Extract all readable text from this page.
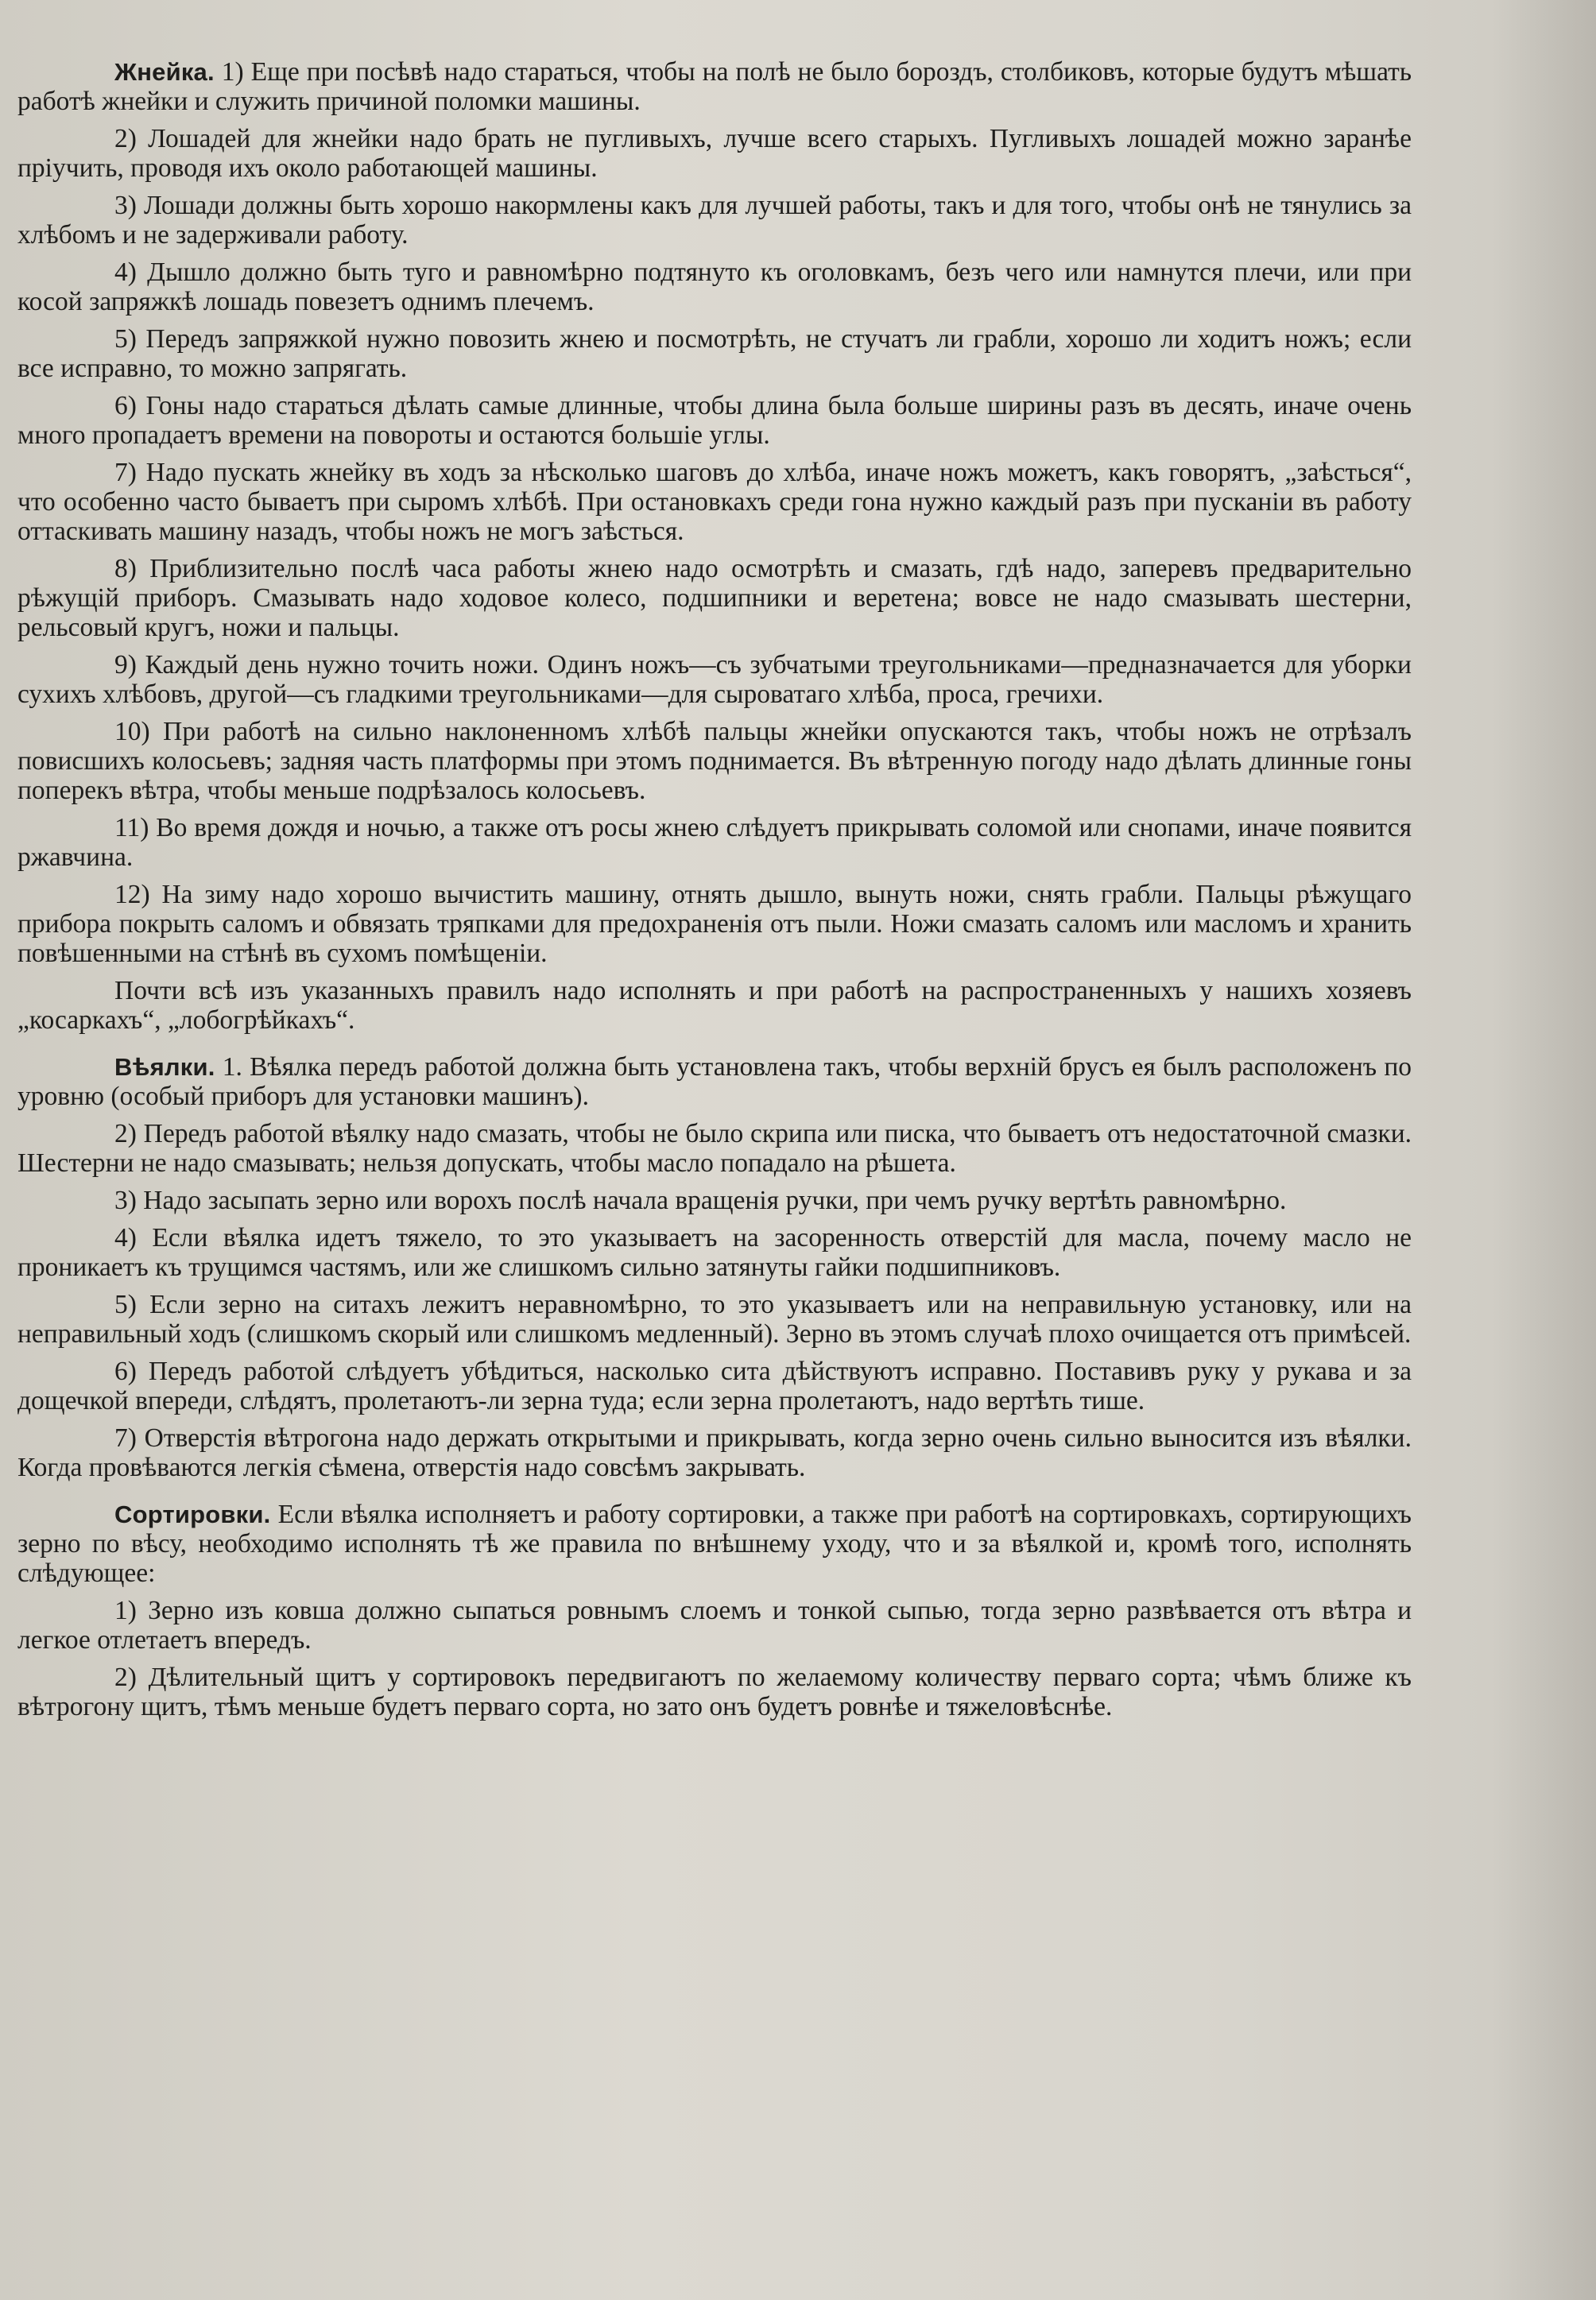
Жнейка. 1) Еще при посѣвѣ надо стараться, чтобы на полѣ не было бороздъ, столбиковъ, которые будутъ мѣшать работѣ жнейки и служить причиной поломки машины.

2) Лошадей для жнейки надо брать не пугливыхъ, лучше всего старыхъ. Пугливыхъ лошадей можно заранѣе пріучить, проводя ихъ около работающей машины.

3) Лошади должны быть хорошо накормлены какъ для лучшей работы, такъ и для того, чтобы онѣ не тянулись за хлѣбомъ и не задерживали работу.

4) Дышло должно быть туго и равномѣрно подтянуто къ оголовкамъ, безъ чего или намнутся плечи, или при косой запряжкѣ лошадь повезетъ однимъ плечемъ.

5) Передъ запряжкой нужно повозить жнею и посмотрѣть, не стучатъ ли грабли, хорошо ли ходитъ ножъ; если все исправно, то можно запрягать.

6) Гоны надо стараться дѣлать самые длинные, чтобы длина была больше ширины разъ въ десять, иначе очень много пропадаетъ времени на повороты и остаются большіе углы.

7) Надо пускать жнейку въ ходъ за нѣсколько шаговъ до хлѣба, иначе ножъ можетъ, какъ говорятъ, „заѣсться“, что особенно часто бываетъ при сыромъ хлѣбѣ. При остановкахъ среди гона нужно каждый разъ при пусканіи въ работу оттаскивать машину назадъ, чтобы ножъ не могъ заѣсться.

8) Приблизительно послѣ часа работы жнею надо осмотрѣть и смазать, гдѣ надо, заперевъ предварительно рѣжущій приборъ. Смазывать надо ходовое колесо, подшипники и веретена; вовсе не надо смазывать шестерни, рельсовый кругъ, ножи и пальцы.

9) Каждый день нужно точить ножи. Одинъ ножъ—съ зубчатыми треугольниками—предназначается для уборки сухихъ хлѣбовъ, другой—съ гладкими треугольниками—для сыроватаго хлѣба, проса, гречихи.

10) При работѣ на сильно наклоненномъ хлѣбѣ пальцы жнейки опускаются такъ, чтобы ножъ не отрѣзалъ повисшихъ колосьевъ; задняя часть платформы при этомъ поднимается. Въ вѣтренную погоду надо дѣлать длинные гоны поперекъ вѣтра, чтобы меньше подрѣзалось колосьевъ.

11) Во время дождя и ночью, а также отъ росы жнею слѣдуетъ прикрывать соломой или снопами, иначе появится ржавчина.

12) На зиму надо хорошо вычистить машину, отнять дышло, вынуть ножи, снять грабли. Пальцы рѣжущаго прибора покрыть саломъ и обвязать тряпками для предохраненія отъ пыли. Ножи смазать саломъ или масломъ и хранить повѣшенными на стѣнѣ въ сухомъ помѣщеніи.

Почти всѣ изъ указанныхъ правилъ надо исполнять и при работѣ на распространенныхъ у нашихъ хозяевъ „косаркахъ“, „лобогрѣйкахъ“.

Вѣялки. 1. Вѣялка передъ работой должна быть установлена такъ, чтобы верхній брусъ ея былъ расположенъ по уровню (особый приборъ для установки машинъ).

2) Передъ работой вѣялку надо смазать, чтобы не было скрипа или писка, что бываетъ отъ недостаточной смазки. Шестерни не надо смазывать; нельзя допускать, чтобы масло попадало на рѣшета.

3) Надо засыпать зерно или ворохъ послѣ начала вращенія ручки, при чемъ ручку вертѣть равномѣрно.

4) Если вѣялка идетъ тяжело, то это указываетъ на засоренность отверстій для масла, почему масло не проникаетъ къ трущимся частямъ, или же слишкомъ сильно затянуты гайки подшипниковъ.

5) Если зерно на ситахъ лежитъ неравномѣрно, то это указываетъ или на неправильную установку, или на неправильный ходъ (слишкомъ скорый или слишкомъ медленный). Зерно въ этомъ случаѣ плохо очищается отъ примѣсей.

6) Передъ работой слѣдуетъ убѣдиться, насколько сита дѣйствуютъ исправно. Поставивъ руку у рукава и за дощечкой впереди, слѣдятъ, пролетаютъ-ли зерна туда; если зерна пролетаютъ, надо вертѣть тише.

7) Отверстія вѣтрогона надо держать открытыми и прикрывать, когда зерно очень сильно выносится изъ вѣялки. Когда провѣваются легкія сѣмена, отверстія надо совсѣмъ закрывать.

Сортировки. Если вѣялка исполняетъ и работу сортировки, а также при работѣ на сортировкахъ, сортирующихъ зерно по вѣсу, необходимо исполнять тѣ же правила по внѣшнему уходу, что и за вѣялкой и, кромѣ того, исполнять слѣдующее:

1) Зерно изъ ковша должно сыпаться ровнымъ слоемъ и тонкой сыпью, тогда зерно развѣвается отъ вѣтра и легкое отлетаетъ впередъ.

2) Дѣлительный щитъ у сортировокъ передвигаютъ по желаемому количеству перваго сорта; чѣмъ ближе къ вѣтрогону щитъ, тѣмъ меньше будетъ перваго сорта, но зато онъ будетъ ровнѣе и тяжеловѣснѣе.
